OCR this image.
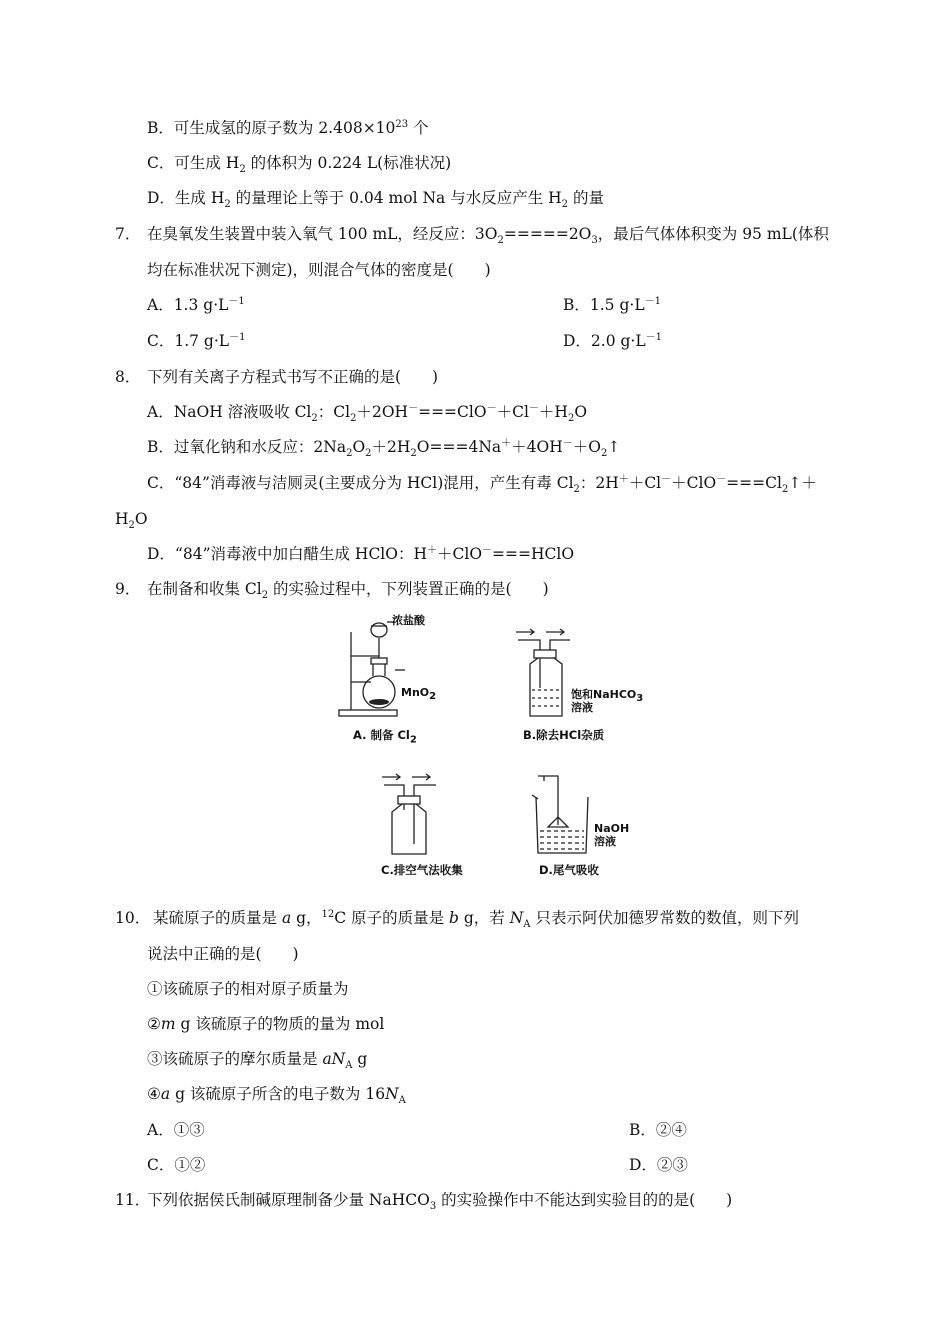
B．可生成氢的原子数为 $2.408\times 10^{23}$ 个
C．可生成 $H_2$ 的体积为 0.224 L(标准状况)
D．生成 $H_2$ 的量理论上等于 0.04 mol Na 与水反应产生 $H_2$ 的量
7． 在臭氧发生装置中装入氧气 100 mL，经反应：$3O_2=====2O_3$，最后气体体积变为 95 mL(体积
均在标准状况下测定)，则混合气体的密度是(　　)
A．1.3 $g\cdot L^{-1}$	B．1.5 $g\cdot L^{-1}$
C．1.7 $g\cdot L^{-1}$	D．2.0 $g\cdot L^{-1}$
8． 下列有关离子方程式书写不正确的是(　　)
A．NaOH 溶液吸收 $Cl_2$：$Cl_2+2OH^-===ClO^-+Cl^-+H_2O$
B．过氧化钠和水反应：$2Na_2O_2+2H_2O===4Na^++4OH^-+O_2↑$
C．“84”消毒液与洁厕灵(主要成分为 HCl)混用，产生有毒 $Cl_2$：$2H^++Cl^-+ClO^-===Cl_2↑+$
$H_2O$
D．“84”消毒液中加白醋生成 HClO：H＋＋ClO－===HClO
9． 在制备和收集 $Cl_2$ 的实验过程中，下列装置正确的是(　　)
浓盐酸
MnO$_2$
A. 制备 $Cl_2$
饱和NaHCO$_3$
溶液
B.除去HCl杂质
C.排空气法收集
NaOH
溶液
D.尾气吸收
10． 某硫原子的质量是 a g，$^{12}$C 原子的质量是 b g，若 $N_A$ 只表示阿伏加德罗常数的数值，则下列
说法中正确的是(　　)
①该硫原子的相对原子质量为
②m g 该硫原子的物质的量为 mol
③该硫原子的摩尔质量是 $aN_A$ g
④a g 该硫原子所含的电子数为 $16N_A$
A．①③	B．②④
C．①②	D．②③
11．下列依据侯氏制碱原理制备少量 NaHCO$_3$ 的实验操作中不能达到实验目的的是(　　)
